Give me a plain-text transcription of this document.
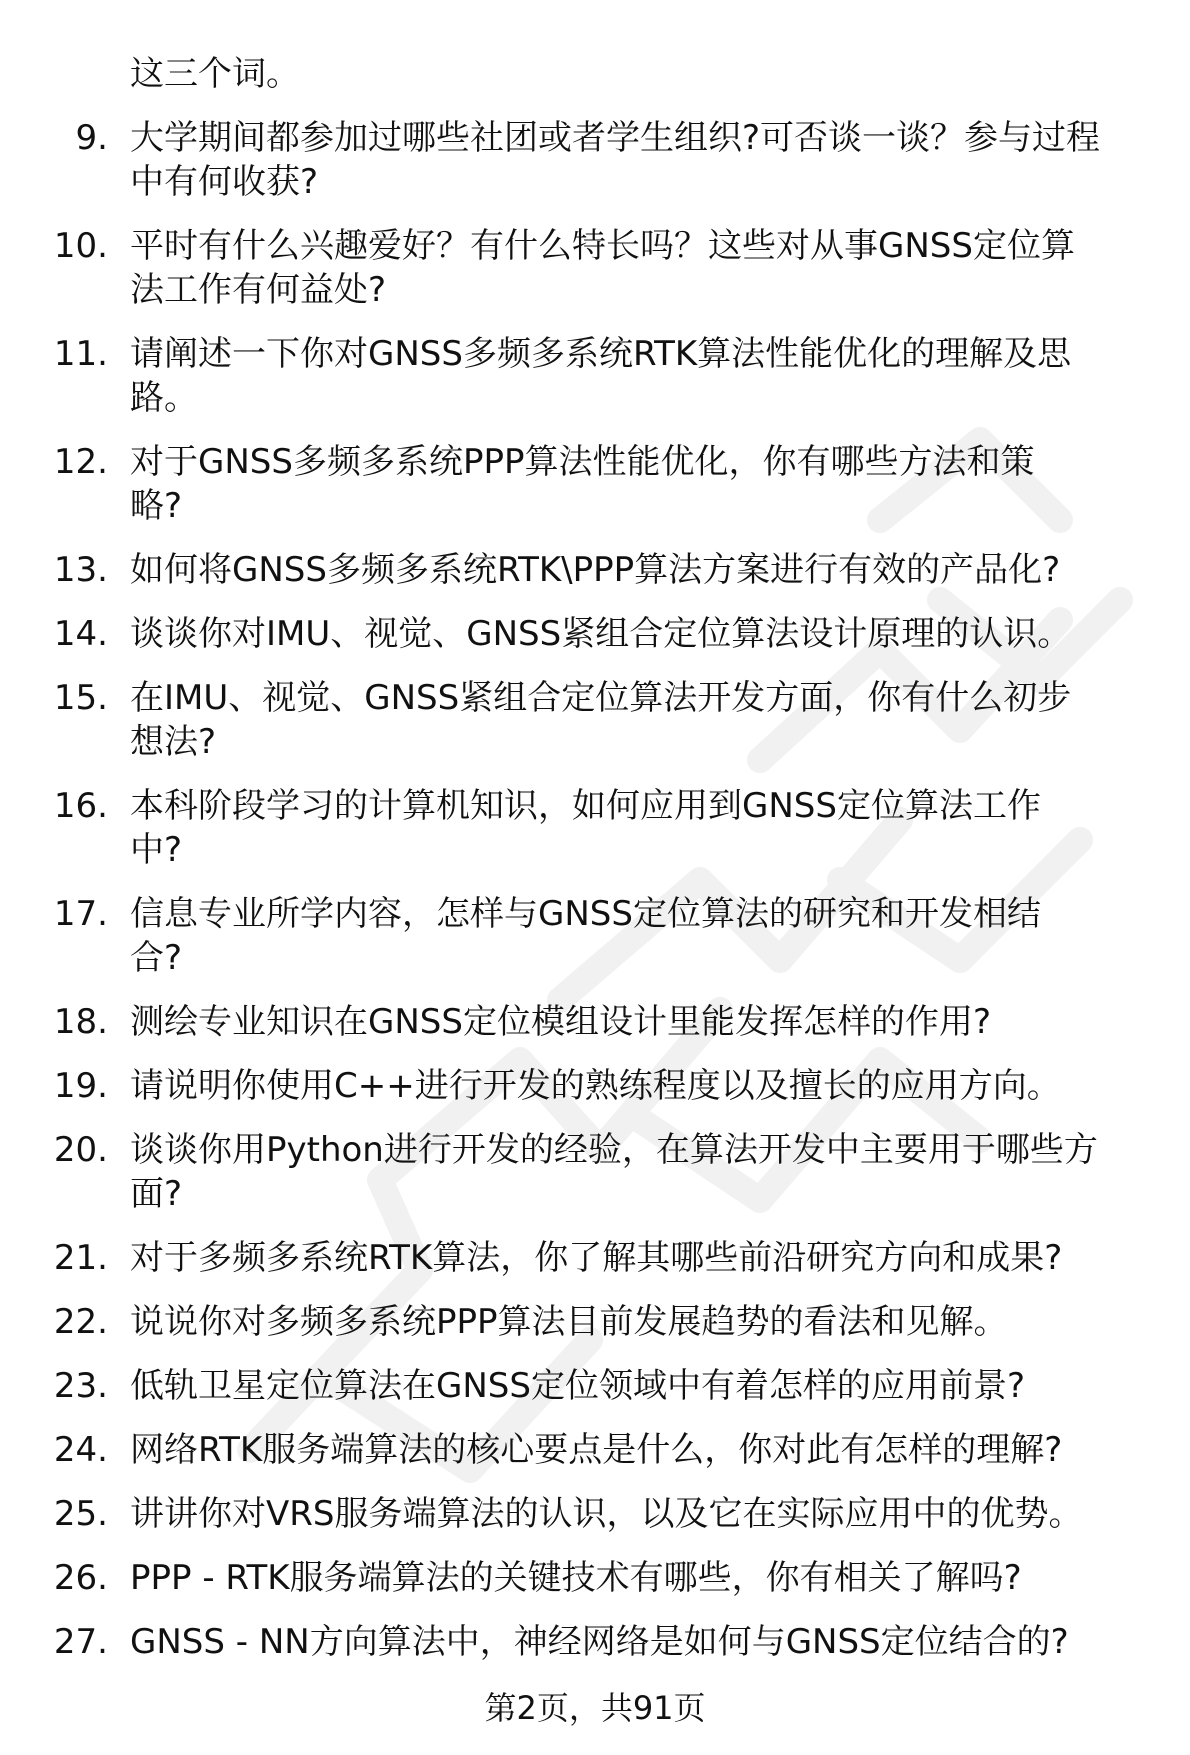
这三个词。
9. 大学期间都参加过哪些社团或者学生组织?可否谈一谈？参与过程
中有何收获?
10. 平时有什么兴趣爱好？有什么特长吗？这些对从事GNSS定位算
法工作有何益处?
11. 请阐述一下你对GNSS多频多系统RTK算法性能优化的理解及思
路。
12. 对于GNSS多频多系统PPP算法性能优化，你有哪些方法和策
略?
13. 如何将GNSS多频多系统RTK\PPP算法方案进行有效的产品化?
14. 谈谈你对IMU、视觉、GNSS紧组合定位算法设计原理的认识。
15. 在IMU、视觉、GNSS紧组合定位算法开发方面，你有什么初步
想法?
16. 本科阶段学习的计算机知识，如何应用到GNSS定位算法工作
中?
17. 信息专业所学内容，怎样与GNSS定位算法的研究和开发相结
合?
18. 测绘专业知识在GNSS定位模组设计里能发挥怎样的作用?
19. 请说明你使用C++进行开发的熟练程度以及擅长的应用方向。
20. 谈谈你用Python进行开发的经验，在算法开发中主要用于哪些方
面?
21. 对于多频多系统RTK算法，你了解其哪些前沿研究方向和成果?
22. 说说你对多频多系统PPP算法目前发展趋势的看法和见解。
23. 低轨卫星定位算法在GNSS定位领域中有着怎样的应用前景?
24. 网络RTK服务端算法的核心要点是什么，你对此有怎样的理解?
25. 讲讲你对VRS服务端算法的认识，以及它在实际应用中的优势。
26. PPP - RTK服务端算法的关键技术有哪些，你有相关了解吗?
27. GNSS - NN方向算法中，神经网络是如何与GNSS定位结合的?
第2页，共91页
